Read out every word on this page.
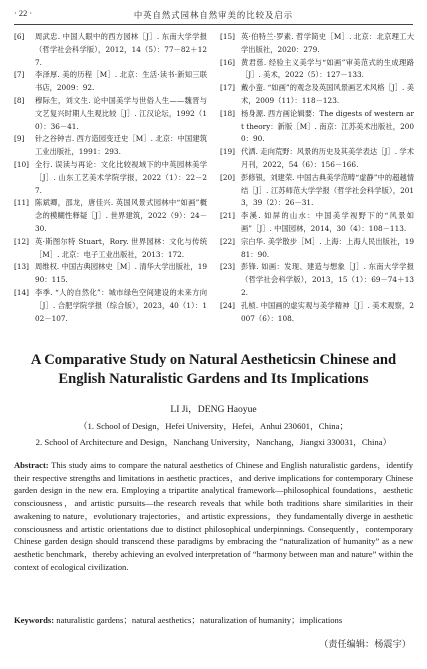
· 22 ·	中英自然式园林自然审美的比较及启示
[6]	周武忠. 中国人眼中的西方园林［J］. 东南大学学报（哲学社会科学版），2012，14（5）：77－82＋127.
[7]	李泽厚. 美的历程［M］. 北京：生活·读书·新知三联书店，2009：92.
[8]	穆际生，刘文生. 论中国美学与世俗人生——魏晋与文艺复兴时期人生观比较［J］. 江汉论坛，1992（10）：36－41.
[9]	针之谷钟吉. 西方造园变迁史［M］. 北京：中国建筑工业出版社，1991：293.
[10] 全行. 误读与再论：文化比较视域下的中英园林美学［J］. 山东工艺美术学院学报，2022（1）：22－27.
[11] 陈斌卿，邵龙，唐佳兴. 英国风景式园林中“如画”概念的模糊性释疑［J］. 世界建筑，2022（9）：24－30.
[12] 英·斯图尔特 Stuart，Rory. 世界园林：文化与传统［M］. 北京：电子工业出版社，2013：172.
[13] 周维权. 中国古典园林史［M］. 清华大学出版社，1990：115.
[14] 李季. “人的自然化”：城市绿色空间建设的未来方向［J］. 合肥学院学报（综合版），2023，40（1）：102－107.
[15] 英·伯特兰·罗素. 哲学简史［M］. 北京：北京理工大学出版社，2020：279.
[16] 黄君慈. 经验主义美学与“如画”审美范式的生成理路［J］. 美术，2022（5）：127－133.
[17] 戴小蛮. “如画”的观念及英国风景画艺术风格［J］. 美术，2009（11）：118－123.
[18] 杨身源. 西方画论辑要：The digests of western art theory：新版［M］. 南京：江苏美术出版社，2000：90.
[19] 代洒. 走向荒野：风景的历史及其美学表达［J］. 学术月刊，2022，54（6）：156－166.
[20] 彭修银，刘建荣. 中国古典美学范畴“虚静”中的超越情结［J］. 江苏师范大学学报（哲学社会科学版），2013，39（2）：26－31.
[21] 李溪. 如屏的山水：中国美学视野下的“风景如画”［J］. 中国园林，2014，30（4）：108－113.
[22] 宗白华. 美学散步［M］. 上海：上海人民出版社，1981：90.
[23] 彭锋. 如画：发现、建造与想象［J］. 东南大学学报（哲学社会科学版），2013，15（1）：69－74＋132.
[24] 孔桢. 中国画的虚实观与美学精神［J］. 美术观察，2007（6）：108.
A Comparative Study on Natural Aestheticsin Chinese and English Naturalistic Gardens and Its Implications
LI Ji，DENG Haoyue
（1. School of Design，Hefei University，Hefei，Anhui 230601，China；
2. School of Architecture and Design，Nanchang University，Nanchang，Jiangxi 330031，China）
Abstract: This study aims to compare the natural aesthetics of Chinese and English naturalistic gardens，identify their respective strengths and limitations in aesthetic practices，and derive implications for contemporary Chinese garden design in the new era. Employing a tripartite analytical framework—philosophical foundations，aesthetic consciousness，and artistic pursuits—the research reveals that while both traditions share similarities in their awakening to nature，evolutionary trajectories，and artistic expressions，they fundamentally diverge in aesthetic consciousness and artistic orientations due to distinct philosophical underpinnings. Consequently，contemporary Chinese garden design should transcend these paradigms by embracing the “naturalization of humanity” as a new aesthetic benchmark，thereby achieving an evolved interpretation of “harmony between man and nature” within the context of ecological civilization.
Keywords: naturalistic gardens；natural aesthetics；naturalization of humanity；implications
（责任编辑：杨震宇）
